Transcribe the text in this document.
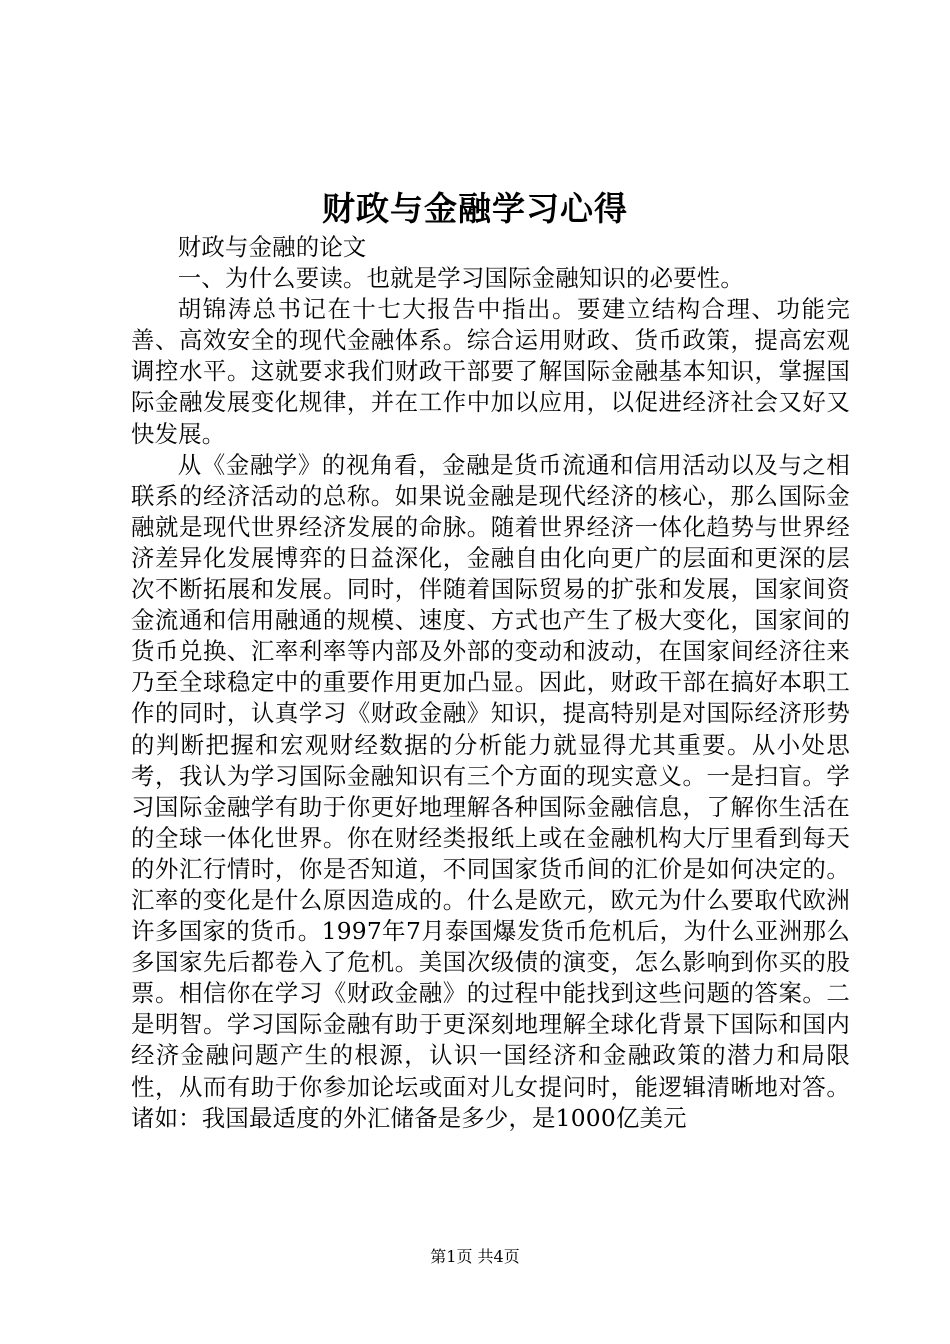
财政与金融学习心得

财政与金融的论文

一、为什么要读。也就是学习国际金融知识的必要性。

胡锦涛总书记在十七大报告中指出。要建立结构合理、功能完善、高效安全的现代金融体系。综合运用财政、货币政策，提高宏观调控水平。这就要求我们财政干部要了解国际金融基本知识，掌握国际金融发展变化规律，并在工作中加以应用，以促进经济社会又好又快发展。

从《金融学》的视角看，金融是货币流通和信用活动以及与之相联系的经济活动的总称。如果说金融是现代经济的核心，那么国际金融就是现代世界经济发展的命脉。随着世界经济一体化趋势与世界经济差异化发展博弈的日益深化，金融自由化向更广的层面和更深的层次不断拓展和发展。同时，伴随着国际贸易的扩张和发展，国家间资金流通和信用融通的规模、速度、方式也产生了极大变化，国家间的货币兑换、汇率利率等内部及外部的变动和波动，在国家间经济往来乃至全球稳定中的重要作用更加凸显。因此，财政干部在搞好本职工作的同时，认真学习《财政金融》知识，提高特别是对国际经济形势的判断把握和宏观财经数据的分析能力就显得尤其重要。从小处思考，我认为学习国际金融知识有三个方面的现实意义。一是扫盲。学习国际金融学有助于你更好地理解各种国际金融信息，了解你生活在的全球一体化世界。你在财经类报纸上或在金融机构大厅里看到每天的外汇行情时，你是否知道，不同国家货币间的汇价是如何决定的。汇率的变化是什么原因造成的。什么是欧元，欧元为什么要取代欧洲许多国家的货币。1997年7月泰国爆发货币危机后，为什么亚洲那么多国家先后都卷入了危机。美国次级债的演变，怎么影响到你买的股票。相信你在学习《财政金融》的过程中能找到这些问题的答案。二是明智。学习国际金融有助于更深刻地理解全球化背景下国际和国内经济金融问题产生的根源，认识一国经济和金融政策的潜力和局限性，从而有助于你参加论坛或面对儿女提问时，能逻辑清晰地对答。诸如：我国最适度的外汇储备是多少，是1000亿美元

第1页 共4页
